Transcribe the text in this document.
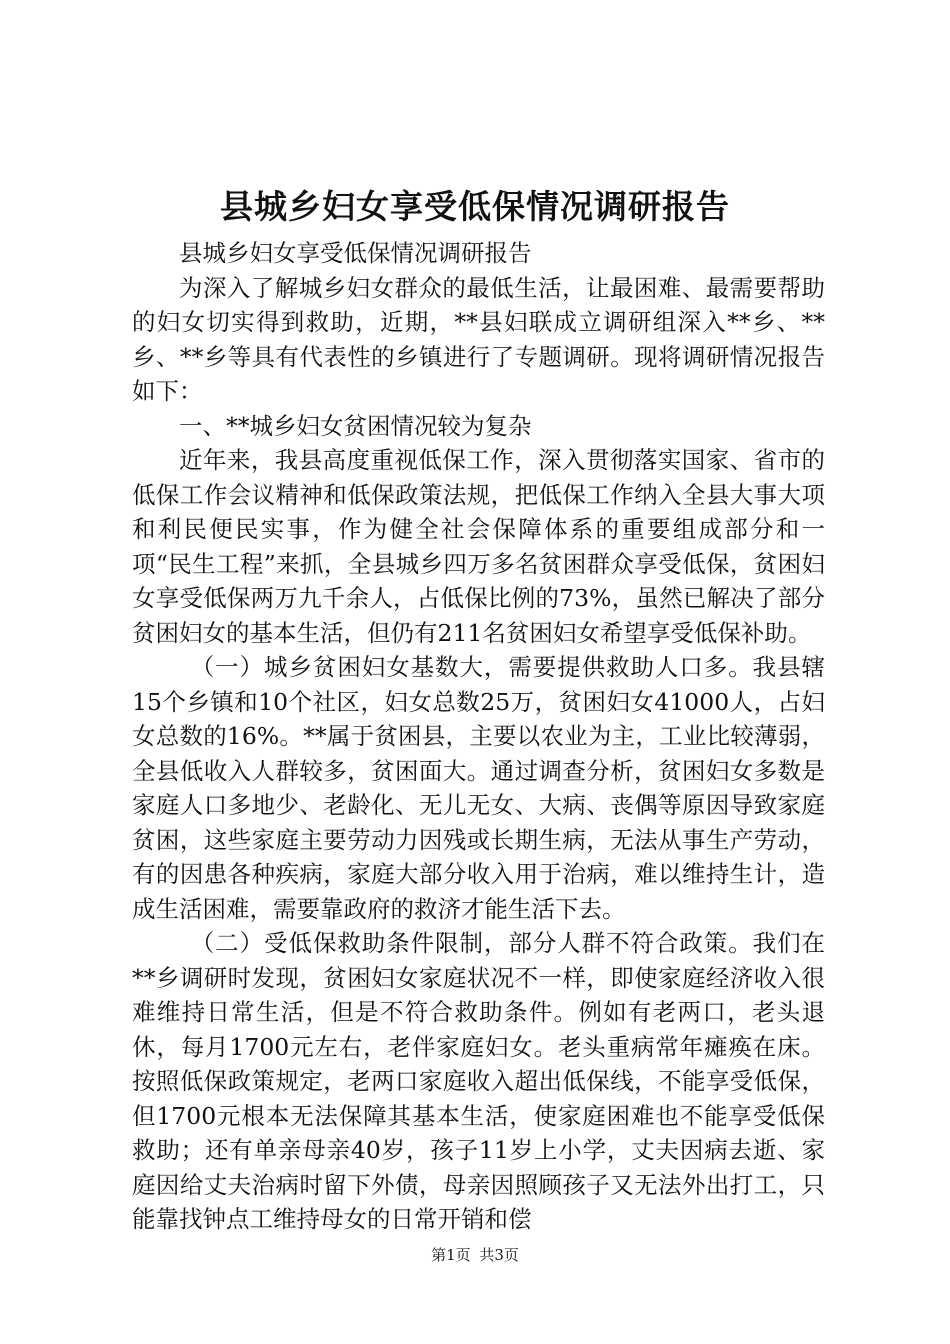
县城乡妇女享受低保情况调研报告

县城乡妇女享受低保情况调研报告

为深入了解城乡妇女群众的最低生活，让最困难、最需要帮助的妇女切实得到救助，近期，**县妇联成立调研组深入**乡、**乡、**乡等具有代表性的乡镇进行了专题调研。现将调研情况报告如下：

一、**城乡妇女贫困情况较为复杂

近年来，我县高度重视低保工作，深入贯彻落实国家、省市的低保工作会议精神和低保政策法规，把低保工作纳入全县大事大项和利民便民实事，作为健全社会保障体系的重要组成部分和一项“民生工程”来抓，全县城乡四万多名贫困群众享受低保，贫困妇女享受低保两万九千余人，占低保比例的73%，虽然已解决了部分贫困妇女的基本生活，但仍有211名贫困妇女希望享受低保补助。

（一）城乡贫困妇女基数大，需要提供救助人口多。我县辖15个乡镇和10个社区，妇女总数25万，贫困妇女41000人，占妇女总数的16%。**属于贫困县，主要以农业为主，工业比较薄弱，全县低收入人群较多，贫困面大。通过调查分析，贫困妇女多数是家庭人口多地少、老龄化、无儿无女、大病、丧偶等原因导致家庭贫困，这些家庭主要劳动力因残或长期生病，无法从事生产劳动，有的因患各种疾病，家庭大部分收入用于治病，难以维持生计，造成生活困难，需要靠政府的救济才能生活下去。

（二）受低保救助条件限制，部分人群不符合政策。我们在**乡调研时发现，贫困妇女家庭状况不一样，即使家庭经济收入很难维持日常生活，但是不符合救助条件。例如有老两口，老头退休，每月1700元左右，老伴家庭妇女。老头重病常年瘫痪在床。按照低保政策规定，老两口家庭收入超出低保线，不能享受低保，但1700元根本无法保障其基本生活，使家庭困难也不能享受低保救助；还有单亲母亲40岁，孩子11岁上小学，丈夫因病去逝、家庭因给丈夫治病时留下外债，母亲因照顾孩子又无法外出打工，只能靠找钟点工维持母女的日常开销和偿

第1页 共3页
